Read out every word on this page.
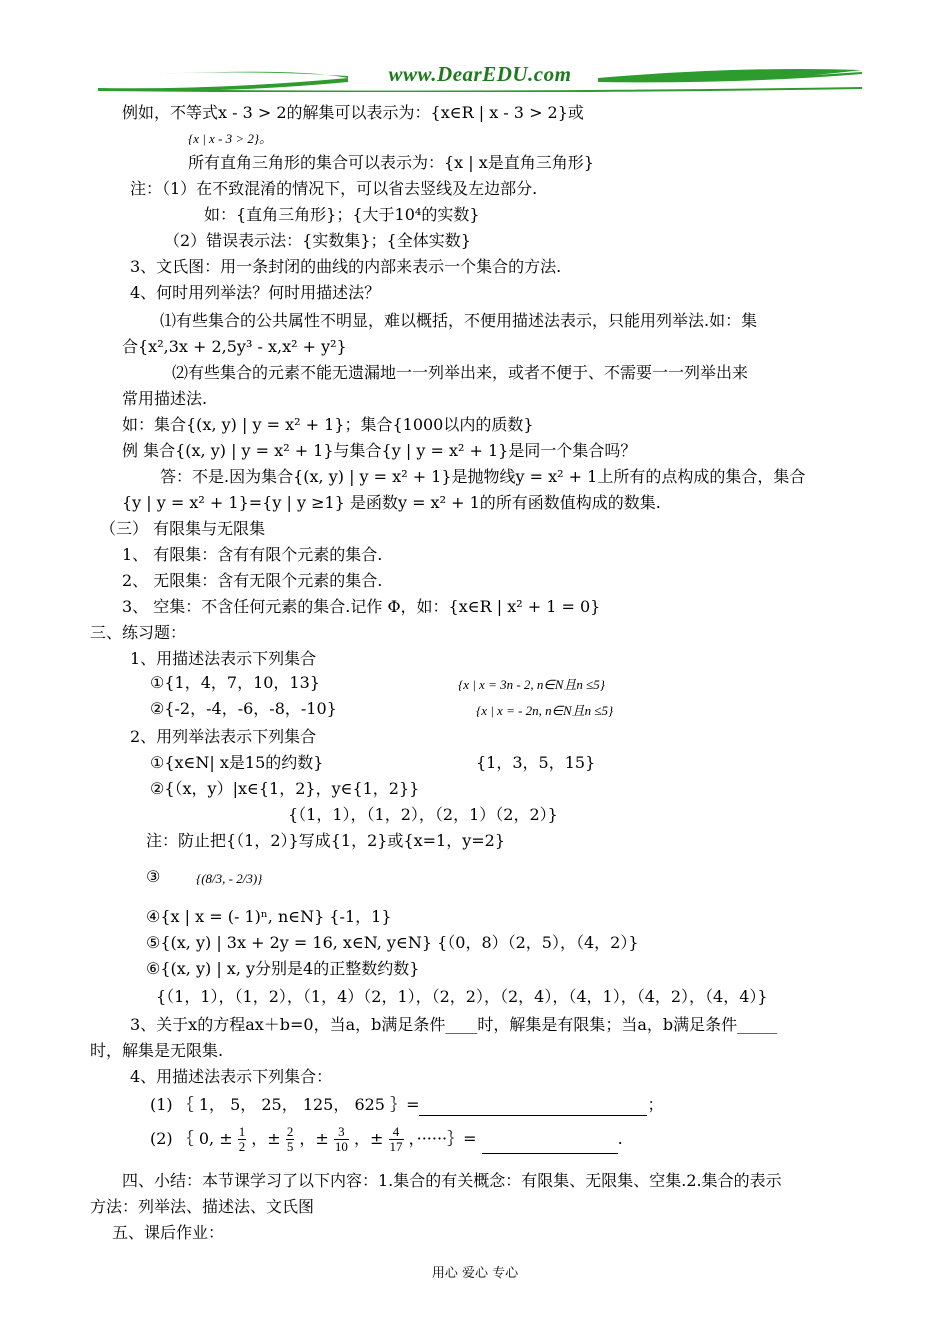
www.DearEDU.com
例如，不等式x - 3 > 2的解集可以表示为：{x∈R | x - 3 > 2}或
{x | x - 3 > 2}。
所有直角三角形的集合可以表示为：{x | x是直角三角形}
注：（1）在不致混淆的情况下，可以省去竖线及左边部分.
如：{直角三角形}；{大于10⁴的实数}
（2）错误表示法：{实数集}；{全体实数}
3、文氏图：用一条封闭的曲线的内部来表示一个集合的方法.
4、何时用列举法？何时用描述法？
⑴有些集合的公共属性不明显，难以概括，不便用描述法表示，只能用列举法.如：集
合{x²,3x + 2,5y³ - x,x² + y²}
⑵有些集合的元素不能无遗漏地一一列举出来，或者不便于、不需要一一列举出来
常用描述法.
如：集合{(x, y) | y = x² + 1}；集合{1000以内的质数}
例 集合{(x, y) | y = x² + 1}与集合{y | y = x² + 1}是同一个集合吗？
答：不是.因为集合{(x, y) | y = x² + 1}是抛物线y = x² + 1上所有的点构成的集合，集合
{y | y = x² + 1}={y | y ≥1} 是函数y = x² + 1的所有函数值构成的数集.
（三） 有限集与无限集
1、 有限集：含有有限个元素的集合.
2、 无限集：含有无限个元素的集合.
3、 空集：不含任何元素的集合.记作 Φ，如：{x∈R | x² + 1 = 0}
三、练习题：
1、用描述法表示下列集合
①{1，4，7，10，13}	{x | x = 3n - 2, n∈N且n ≤5}
②{-2，-4，-6，-8，-10}	{x | x = - 2n, n∈N且n ≤5}
2、用列举法表示下列集合
①{x∈N| x是15的约数}	{1，3，5，15}
②{（x，y）|x∈{1，2}，y∈{1，2}}
{（1，1），（1，2），（2，1）（2，2）}
注：防止把{（1，2）}写成{1，2}或{x=1，y=2}
③	{(8/3, - 2/3)}
④{x | x = (- 1)ⁿ, n∈N} {-1，1}
⑤{(x, y) | 3x + 2y = 16, x∈N, y∈N} {（0，8）（2，5），（4，2）}
⑥{(x, y) | x, y分别是4的正整数约数}
{（1，1），（1，2），（1，4）（2，1），（2，2），（2，4），（4，1），（4，2），（4，4）}
3、关于x的方程ax＋b=0，当a，b满足条件____时，解集是有限集；当a，b满足条件_____
时，解集是无限集.
4、用描述法表示下列集合：
(1) ｛ 1， 5， 25， 125， 625 ｝=	；
(2) ｛ 0, ± $\frac{1}{2}$ ，± $\frac{2}{5}$ ，± $\frac{3}{10}$ ，± $\frac{4}{17}$ ，······｝=	.
四、小结：本节课学习了以下内容：1.集合的有关概念：有限集、无限集、空集.2.集合的表示
方法：列举法、描述法、文氏图
五、课后作业：
用心 爱心 专心
